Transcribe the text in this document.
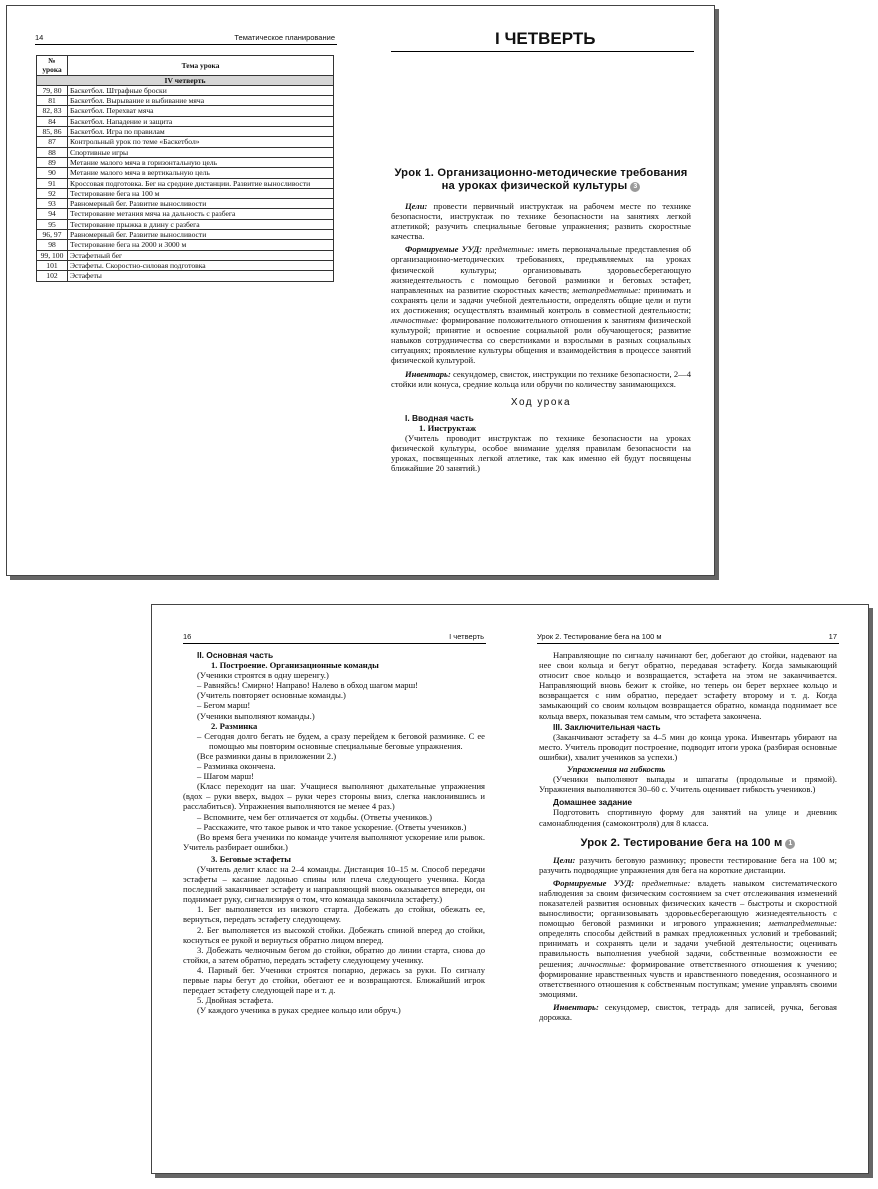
14	Тематическое планирование
№ урока	Тема урока
IV четверть	
79, 80	Баскетбол. Штрафные броски
81	Баскетбол. Вырывание и выбивание мяча
82, 83	Баскетбол. Перехват мяча
84	Баскетбол. Нападение и защита
85, 86	Баскетбол. Игра по правилам
87	Контрольный урок по теме «Баскетбол»
88	Спортивные игры
89	Метание малого мяча в горизонтальную цель
90	Метание малого мяча в вертикальную цель
91	Кроссовая подготовка. Бег на средние дистанции. Развитие выносливости
92	Тестирование бега на 100 м
93	Равномерный бег. Развитие выносливости
94	Тестирование метания мяча на дальность с разбега
95	Тестирование прыжка в длину с разбега
96, 97	Равномерный бег. Развитие выносливости
98	Тестирование бега на 2000 и 3000 м
99, 100	Эстафетный бег
101	Эстафеты. Скоростно-силовая подготовка
102	Эстафеты
I ЧЕТВЕРТЬ
Урок 1. Организационно-методические требования на уроках физической культуры 3

Цели: провести первичный инструктаж на рабочем месте по технике безопасности, инструктаж по технике безопасности на занятиях легкой атлетикой; разучить специальные беговые упражнения; развить скоростные качества.

Формируемые УУД: предметные: иметь первоначальные представления об организационно-методических требованиях, предъявляемых на уроках физической культуры; организовывать здоровьесберегающую жизнедеятельность с помощью беговой разминки и беговых эстафет, направленных на развитие скоростных качеств; метапредметные: принимать и сохранять цели и задачи учебной деятельности, определять общие цели и пути их достижения; осуществлять взаимный контроль в совместной деятельности; личностные: формирование положительного отношения к занятиям физической культурой; принятие и освоение социальной роли обучающегося; развитие навыков сотрудничества со сверстниками и взрослыми в разных социальных ситуациях; проявление культуры общения и взаимодействия в процессе занятий физической культурой.

Инвентарь: секундомер, свисток, инструкции по технике безопасности, 2—4 стойки или конуса, средние кольца или обручи по количеству занимающихся.

Ход урока

I. Вводная часть

1. Инструктаж

(Учитель проводит инструктаж по технике безопасности на уроках физической культуры, особое внимание уделяя правилам безопасности на уроках, посвященных легкой атлетике, так как именно ей будут посвящены ближайшие 20 занятий.)

16	I четверть

II. Основная часть

1. Построение. Организационные команды

(Ученики строятся в одну шеренгу.)

– Равняйсь! Смирно! Направо! Налево в обход шагом марш!

(Учитель повторяет основные команды.)

– Бегом марш!

(Ученики выполняют команды.)

2. Разминка

– Сегодня долго бегать не будем, а сразу перейдем к беговой разминке. С ее помощью мы повторим основные специальные беговые упражнения.

(Все разминки даны в приложении 2.)

– Разминка окончена.

– Шагом марш!

(Класс переходит на шаг. Учащиеся выполняют дыхательные упражнения (вдох – руки вверх, выдох – руки через стороны вниз, слегка наклонившись и расслабиться). Упражнения выполняются не менее 4 раз.)

– Вспомните, чем бег отличается от ходьбы. (Ответы учеников.)

– Расскажите, что такое рывок и что такое ускорение. (Ответы учеников.)

(Во время бега ученики по команде учителя выполняют ускорение или рывок. Учитель разбирает ошибки.)

3. Беговые эстафеты

(Учитель делит класс на 2–4 команды. Дистанция 10–15 м. Способ передачи эстафеты – касание ладонью спины или плеча следующего ученика. Когда последний заканчивает эстафету и направляющий вновь оказывается впереди, он поднимает руку, сигнализируя о том, что команда закончила эстафету.)

1. Бег выполняется из низкого старта. Добежать до стойки, обежать ее, вернуться, передать эстафету следующему.

2. Бег выполняется из высокой стойки. Добежать спиной вперед до стойки, коснуться ее рукой и вернуться обратно лицом вперед.

3. Добежать челночным бегом до стойки, обратно до линии старта, снова до стойки, а затем обратно, передать эстафету следующему ученику.

4. Парный бег. Ученики строятся попарно, держась за руки. По сигналу первые пары бегут до стойки, обегают ее и возвращаются. Ближайший игрок передает эстафету следующей паре и т. д.

5. Двойная эстафета.

(У каждого ученика в руках среднее кольцо или обруч.)

Урок 2. Тестирование бега на 100 м	17

Направляющие по сигналу начинают бег, добегают до стойки, надевают на нее свои кольца и бегут обратно, передавая эстафету. Когда замыкающий относит свое кольцо и возвращается, эстафета на этом не заканчивается. Направляющий вновь бежит к стойке, но теперь он берет верхнее кольцо и возвращается с ним обратно, передает эстафету второму и т. д. Когда замыкающий со своим кольцом возвращается обратно, команда поднимает все кольца вверх, показывая тем самым, что эстафета закончена.

III. Заключительная часть

(Заканчивают эстафету за 4–5 мин до конца урока. Инвентарь убирают на место. Учитель проводит построение, подводит итоги урока (разбирая основные ошибки), хвалит учеников за успехи.)

Упражнения на гибкость

(Ученики выполняют выпады и шпагаты (продольные и прямой). Упражнения выполняются 30–60 с. Учитель оценивает гибкость учеников.)

Домашнее задание

Подготовить спортивную форму для занятий на улице и дневник самонаблюдения (самоконтроля) для 8 класса.

Урок 2. Тестирование бега на 100 м 1

Цели: разучить беговую разминку; провести тестирование бега на 100 м; разучить подводящие упражнения для бега на короткие дистанции.

Формируемые УУД: предметные: владеть навыком систематического наблюдения за своим физическим состоянием за счет отслеживания изменений показателей развития основных физических качеств – быстроты и скоростной выносливости; организовывать здоровьесберегающую жизнедеятельность с помощью беговой разминки и игрового упражнения; метапредметные: определять способы действий в рамках предложенных условий и требований; принимать и сохранять цели и задачи учебной деятельности; оценивать правильность выполнения учебной задачи, собственные возможности ее решения; личностные: формирование ответственного отношения к учению; формирование нравственных чувств и нравственного поведения, осознанного и ответственного отношения к собственным поступкам; умение управлять своими эмоциями.

Инвентарь: секундомер, свисток, тетрадь для записей, ручка, беговая дорожка.
